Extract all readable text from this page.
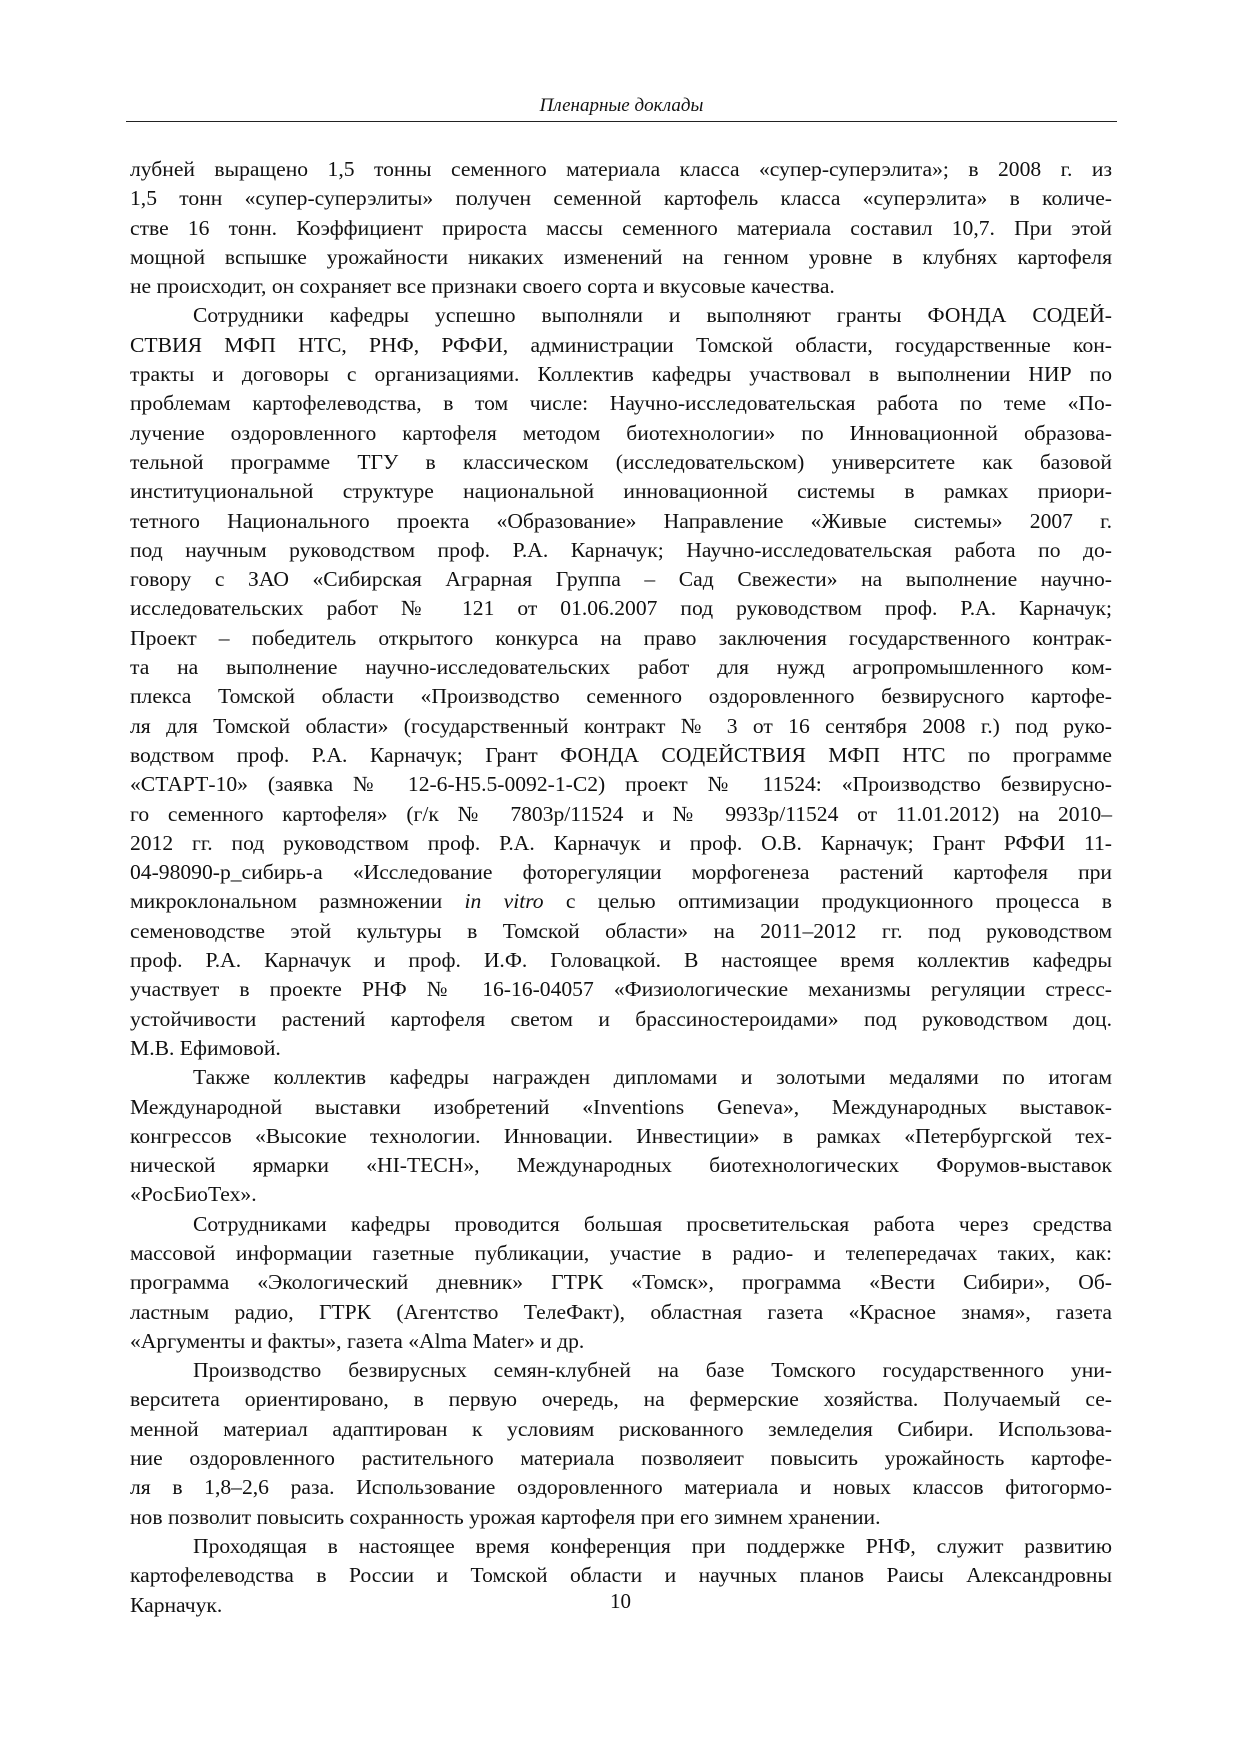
Пленарные доклады
лубней выращено 1,5 тонны семенного материала класса «супер-суперэлита»; в 2008 г. из
1,5 тонн «супер-суперэлиты» получен семенной картофель класса «суперэлита» в количе-
стве 16 тонн. Коэффициент прироста массы семенного материала составил 10,7. При этой
мощной вспышке урожайности никаких изменений на генном уровне в клубнях картофеля
не происходит, он сохраняет все признаки своего сорта и вкусовые качества.
Сотрудники кафедры успешно выполняли и выполняют гранты ФОНДА СОДЕЙ-
СТВИЯ МФП НТС, РНФ, РФФИ, администрации Томской области, государственные кон-
тракты и договоры с организациями. Коллектив кафедры участвовал в выполнении НИР по
проблемам картофелеводства, в том числе: Научно-исследовательская работа по теме «По-
лучение оздоровленного картофеля методом биотехнологии» по Инновационной образова-
тельной программе ТГУ в классическом (исследовательском) университете как базовой
институциональной структуре национальной инновационной системы в рамках приори-
тетного Национального проекта «Образование» Направление «Живые системы» 2007 г.
под научным руководством проф. Р.А. Карначук; Научно-исследовательская работа по до-
говору с ЗАО «Сибирская Аграрная Группа – Сад Свежести» на выполнение научно-
исследовательских работ № 121 от 01.06.2007 под руководством проф. Р.А. Карначук;
Проект – победитель открытого конкурса на право заключения государственного контрак-
та на выполнение научно-исследовательских работ для нужд агропромышленного ком-
плекса Томской области «Производство семенного оздоровленного безвирусного картофе-
ля для Томской области» (государственный контракт № 3 от 16 сентября 2008 г.) под руко-
водством проф. Р.А. Карначук; Грант ФОНДА СОДЕЙСТВИЯ МФП НТС по программе
«СТАРТ-10» (заявка № 12-6-Н5.5-0092-1-С2) проект № 11524: «Производство безвирусно-
го семенного картофеля» (г/к № 7803р/11524 и № 9933р/11524 от 11.01.2012) на 2010–
2012 гг. под руководством проф. Р.А. Карначук и проф. О.В. Карначук; Грант РФФИ 11-
04-98090-р_сибирь-а «Исследование фоторегуляции морфогенеза растений картофеля при
микроклональном размножении in vitro с целью оптимизации продукционного процесса в
семеноводстве этой культуры в Томской области» на 2011–2012 гг. под руководством
проф. Р.А. Карначук и проф. И.Ф. Головацкой. В настоящее время коллектив кафедры
участвует в проекте РНФ № 16-16-04057 «Физиологические механизмы регуляции стресс-
устойчивости растений картофеля светом и брассиностероидами» под руководством доц.
М.В. Ефимовой.
Также коллектив кафедры награжден дипломами и золотыми медалями по итогам
Международной выставки изобретений «Inventions Geneva», Международных выставок-
конгрессов «Высокие технологии. Инновации. Инвестиции» в рамках «Петербургской тех-
нической ярмарки «HI-TECH», Международных биотехнологических Форумов-выставок
«РосБиоТех».
Сотрудниками кафедры проводится большая просветительская работа через средства
массовой информации газетные публикации, участие в радио- и телепередачах таких, как:
программа «Экологический дневник» ГТРК «Томск», программа «Вести Сибири», Об-
ластным радио, ГТРК (Агентство ТелеФакт), областная газета «Красное знамя», газета
«Аргументы и факты», газета «Alma Mater» и др.
Производство безвирусных семян-клубней на базе Томского государственного уни-
верситета ориентировано, в первую очередь, на фермерские хозяйства. Получаемый се-
менной материал адаптирован к условиям рискованного земледелия Сибири. Использова-
ние оздоровленного растительного материала позволяеит повысить урожайность картофе-
ля в 1,8–2,6 раза. Использование оздоровленного материала и новых классов фитогормо-
нов позволит повысить сохранность урожая картофеля при его зимнем хранении.
Проходящая в настоящее время конференция при поддержке РНФ, служит развитию
картофелеводства в России и Томской области и научных планов Раисы Александровны
Карначук.	10
